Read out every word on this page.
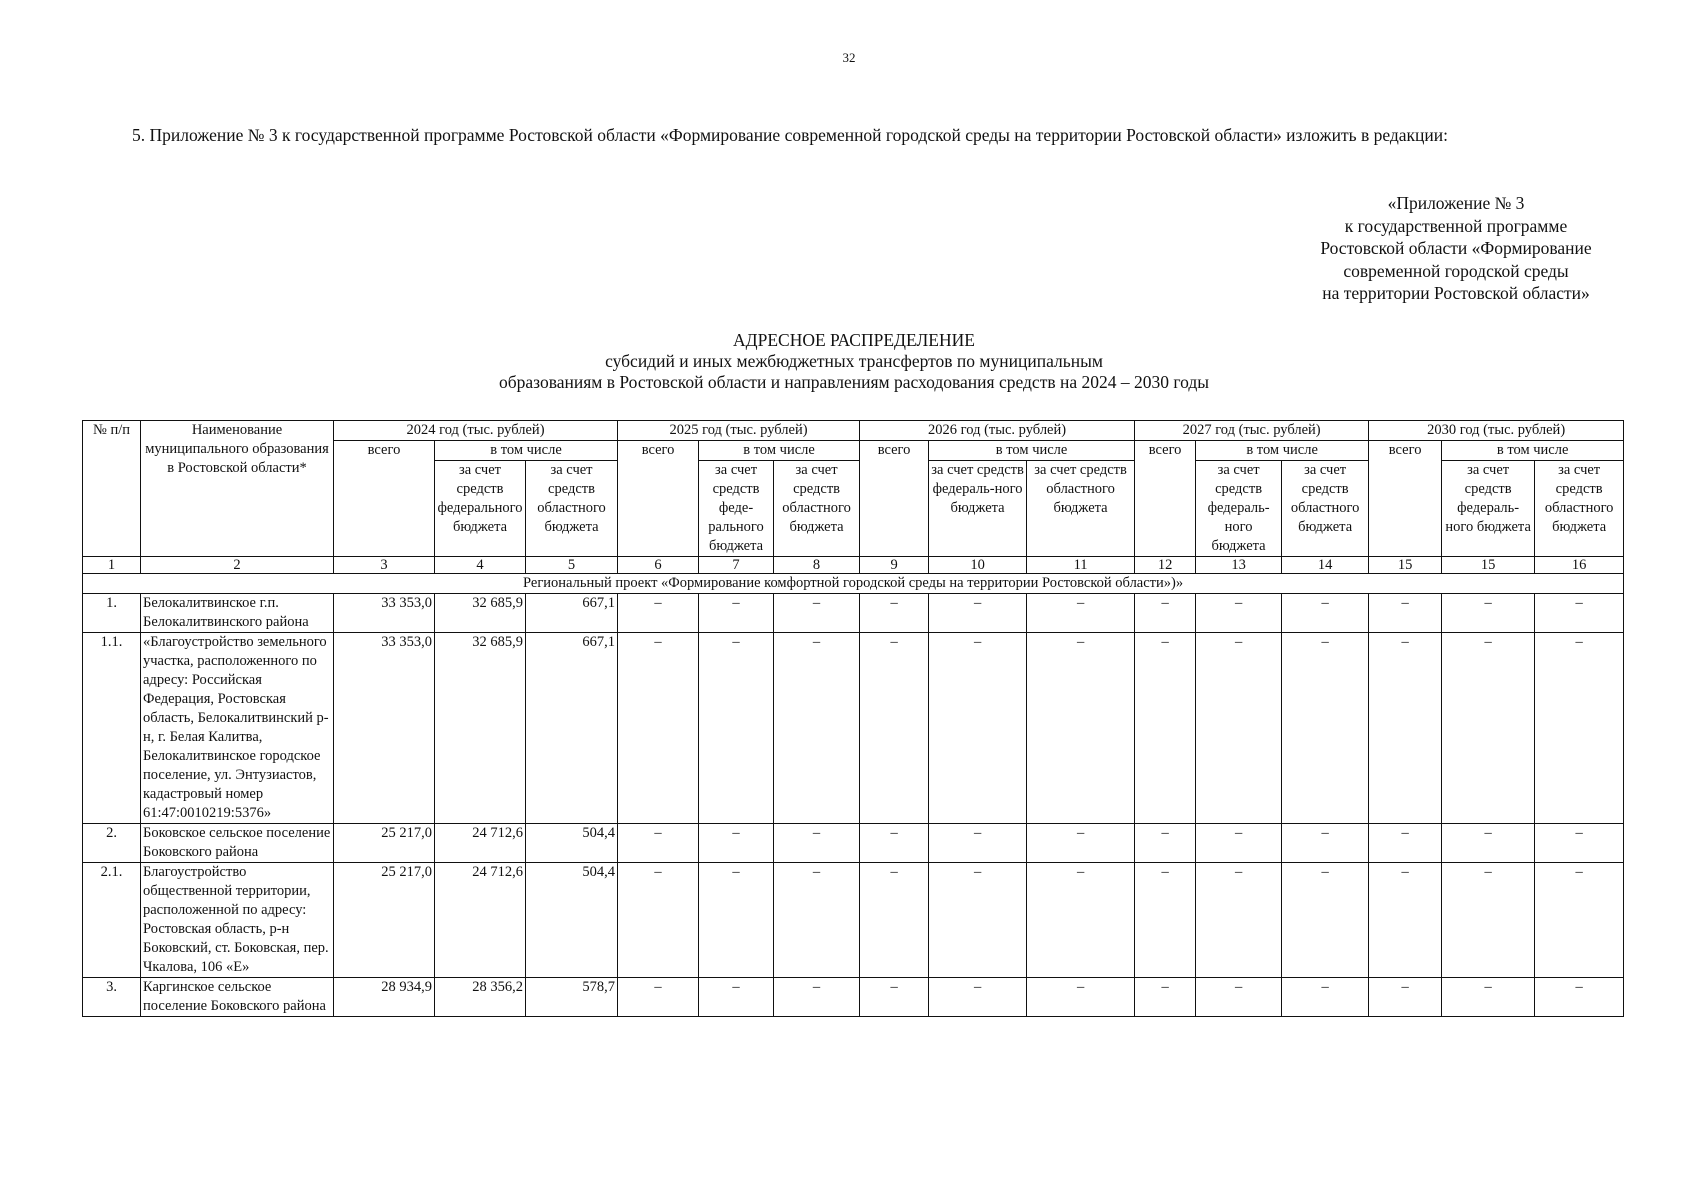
32
5. Приложение № 3 к государственной программе Ростовской области «Формирование современной городской среды на территории Ростовской области» изложить в редакции:
«Приложение № 3
к государственной программе
Ростовской области «Формирование
современной городской среды
на территории Ростовской области»
АДРЕСНОЕ РАСПРЕДЕЛЕНИЕ
субсидий и иных межбюджетных трансфертов по муниципальным
образованиям в Ростовской области и направлениям расходования средств на 2024 – 2030 годы
№ п/п	Наименование муниципального образования в Ростовской области*	2024 год (тыс. рублей)			2025 год (тыс. рублей)			2026 год (тыс. рублей)			2027 год (тыс. рублей)			2030 год (тыс. рублей)		
		всего	в том числе		всего	в том числе		всего	в том числе		всего	в том числе		всего	в том числе	
			за счет средств федерального бюджета	за счет средств областного бюджета		за счет средств феде-рального бюджета	за счет средств областного бюджета		за счет средств федераль-ного бюджета	за счет средств областного бюджета		за счет средств федераль-ного бюджета	за счет средств областного бюджета		за счет средств федераль-ного бюджета	за счет средств областного бюджета
1	2	3	4	5	6	7	8	9	10	11	12	13	14	15	15	16
Региональный проект «Формирование комфортной городской среды на территории Ростовской области»)»																
1.	Белокалитвинское г.п. Белокалитвинского района	33 353,0	32 685,9	667,1	–	–	–	–	–	–	–	–	–	–	–	–
1.1.	«Благоустройство земельного участка, расположенного по адресу: Российская Федерация, Ростовская область, Белокалитвинский р-н, г. Белая Калитва, Белокалитвинское городское поселение, ул. Энтузиастов, кадастровый номер 61:47:0010219:5376»	33 353,0	32 685,9	667,1	–	–	–	–	–	–	–	–	–	–	–	–
2.	Боковское сельское поселение Боковского района	25 217,0	24 712,6	504,4	–	–	–	–	–	–	–	–	–	–	–	–
2.1.	Благоустройство общественной территории, расположенной по адресу: Ростовская область, р-н Боковский, ст. Боковская, пер. Чкалова, 106 «Е»	25 217,0	24 712,6	504,4	–	–	–	–	–	–	–	–	–	–	–	–
3.	Каргинское сельское поселение Боковского района	28 934,9	28 356,2	578,7	–	–	–	–	–	–	–	–	–	–	–	–
